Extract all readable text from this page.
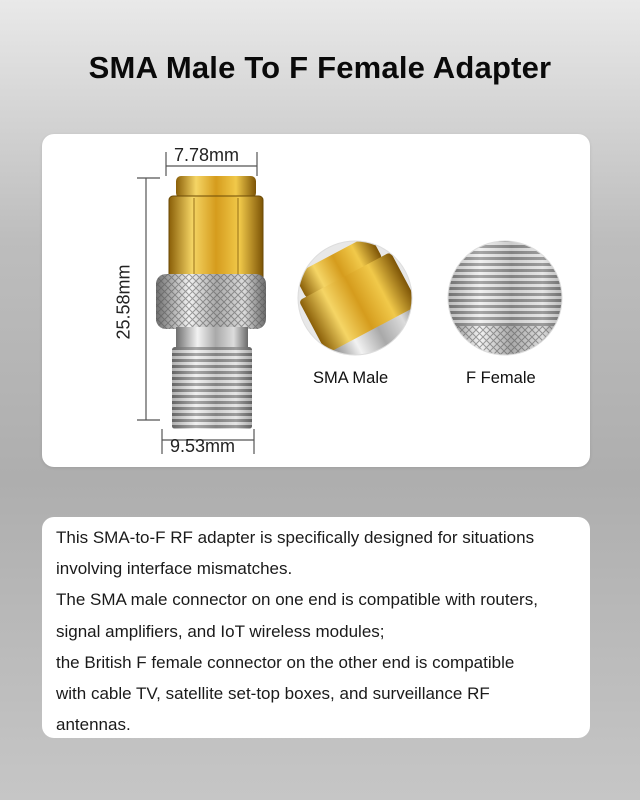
SMA Male To F Female Adapter
7.78mm
9.53mm
25.58mm
SMA Male	F Female
This SMA-to-F RF adapter is specifically designed for situations
involving interface mismatches.
The SMA male connector on one end is compatible with routers,
signal amplifiers, and IoT wireless modules;
the British F female connector on the other end is compatible
with cable TV, satellite set-top boxes, and surveillance RF
antennas.
